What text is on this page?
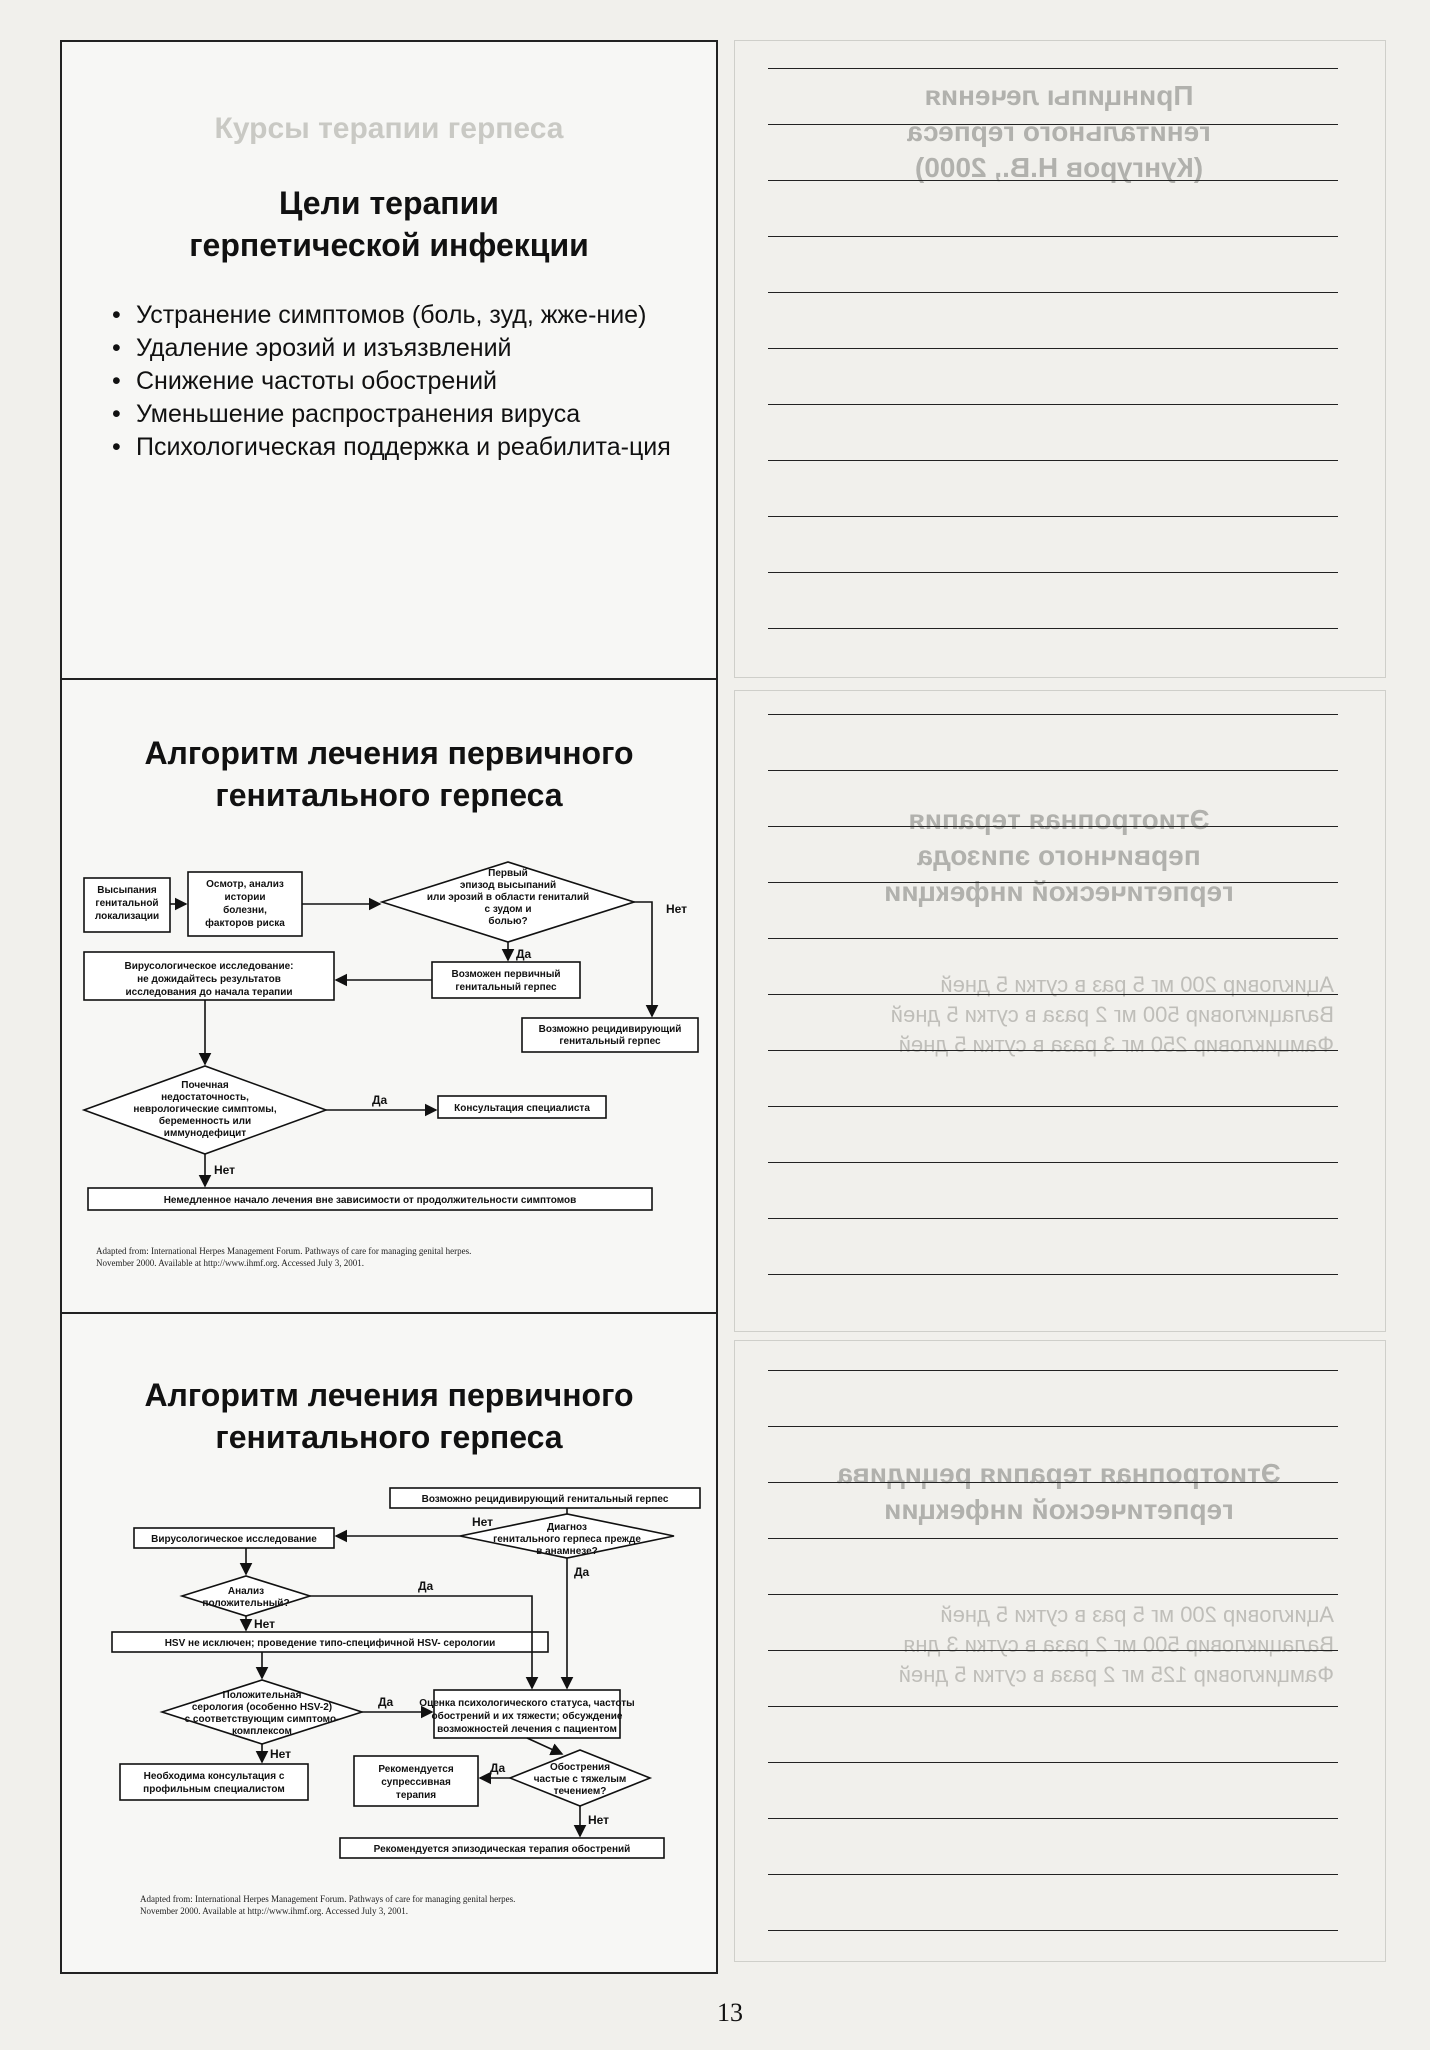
Курсы терапии герпеса
Цели терапии
герпетической инфекции
• Устранение симптомов (боль, зуд, жже-ние)
• Удаление эрозий и изъязвлений
• Снижение частоты обострений
• Уменьшение распространения вируса
• Психологическая поддержка и реабилита-ция
Алгоритм лечения первичного
генитального герпеса
Высыпания генитальной локализации
Осмотр, анализ истории болезни, факторов риска
Первый эпизод высыпаний или эрозий в области гениталий с зудом и болью?
Вирусологическое исследование: не дожидайтесь результатов исследования до начала терапии
Возможен первичный генитальный герпес
Возможно рецидивирующий генитальный герпес
Почечная недостаточность, неврологические симптомы, беременность или иммунодефицит
Консультация специалиста
Немедленное начало лечения вне зависимости от продолжительности симптомов
Нет
Да
Да
Нет
Adapted from: International Herpes Management Forum. Pathways of care for managing genital herpes.
November 2000. Available at http://www.ihmf.org. Accessed July 3, 2001.
Алгоритм лечения первичного
генитального герпеса
Возможно рецидивирующий генитальный герпес
Диагноз генитального герпеса прежде в анамнезе?
Вирусологическое исследование
Анализ положительный?
HSV не исключен; проведение типо-специфичной HSV- серологии
Положительная серология (особенно HSV-2) с соответствующим симптомо-комплексом
Оценка психологического статуса, частоты обострений и их тяжести; обсуждение возможностей лечения с пациентом
Необходима консультация с профильным специалистом
Рекомендуется супрессивная терапия
Обострения частые с тяжелым течением?
Рекомендуется эпизодическая терапия обострений
Нет
Да
Да
Нет
Да
Нет
Да
Нет
Adapted from: International Herpes Management Forum. Pathways of care for managing genital herpes.
November 2000. Available at http://www.ihmf.org. Accessed July 3, 2001.
Принципы лечения
генитального герпеса
(Кунгуров Н.В., 2000)
Этиотропная терапия
первичного эпизода
герпетической инфекции
Этиотропная терапия рецидива
герпетической инфекции
Ацикловир 200 мг 5 раз в сутки 5 дней
Валацикловир 500 мг 2 раза в сутки 5 дней
Фамцикловир 250 мг 3 раза в сутки 5 дней
Ацикловир 200 мг 5 раз в сутки 5 дней
Валацикловир 500 мг 2 раза в сутки 3 дня
Фамцикловир 125 мг 2 раза в сутки 5 дней
13
